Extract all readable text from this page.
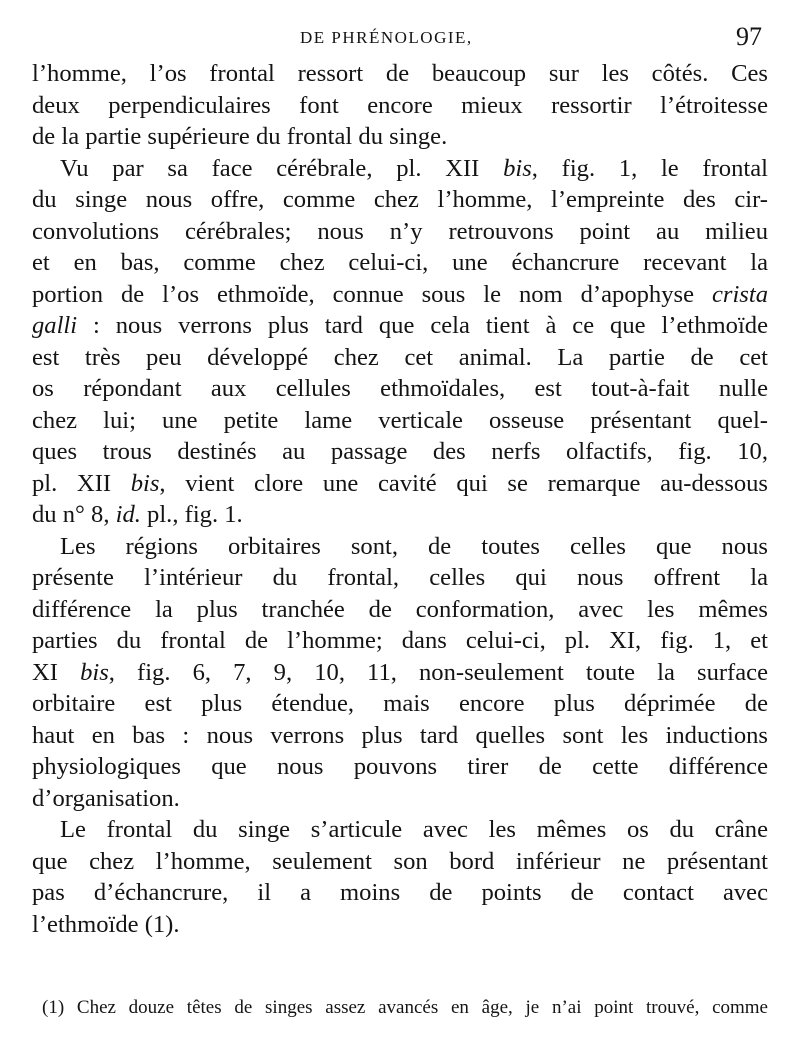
DE PHRÉNOLOGIE,	97
l’homme, l’os frontal ressort de beaucoup sur les côtés. Ces
deux perpendiculaires font encore mieux ressortir l’étroitesse
de la partie supérieure du frontal du singe.
Vu par sa face cérébrale, pl. XII bis, fig. 1, le frontal
du singe nous offre, comme chez l’homme, l’empreinte des cir-
convolutions cérébrales; nous n’y retrouvons point au milieu
et en bas, comme chez celui-ci, une échancrure recevant la
portion de l’os ethmoïde, connue sous le nom d’apophyse crista
galli : nous verrons plus tard que cela tient à ce que l’ethmoïde
est très peu développé chez cet animal. La partie de cet
os répondant aux cellules ethmoïdales, est tout-à-fait nulle
chez lui; une petite lame verticale osseuse présentant quel-
ques trous destinés au passage des nerfs olfactifs, fig. 10,
pl. XII bis, vient clore une cavité qui se remarque au-dessous
du n° 8, id. pl., fig. 1.
Les régions orbitaires sont, de toutes celles que nous
présente l’intérieur du frontal, celles qui nous offrent la
différence la plus tranchée de conformation, avec les mêmes
parties du frontal de l’homme; dans celui-ci, pl. XI, fig. 1, et
XI bis, fig. 6, 7, 9, 10, 11, non-seulement toute la surface
orbitaire est plus étendue, mais encore plus déprimée de
haut en bas : nous verrons plus tard quelles sont les inductions
physiologiques que nous pouvons tirer de cette différence
d’organisation.
Le frontal du singe s’articule avec les mêmes os du crâne
que chez l’homme, seulement son bord inférieur ne présentant
pas d’échancrure, il a moins de points de contact avec
l’ethmoïde (1).
(1) Chez douze têtes de singes assez avancés en âge, je n’ai point trouvé, comme
